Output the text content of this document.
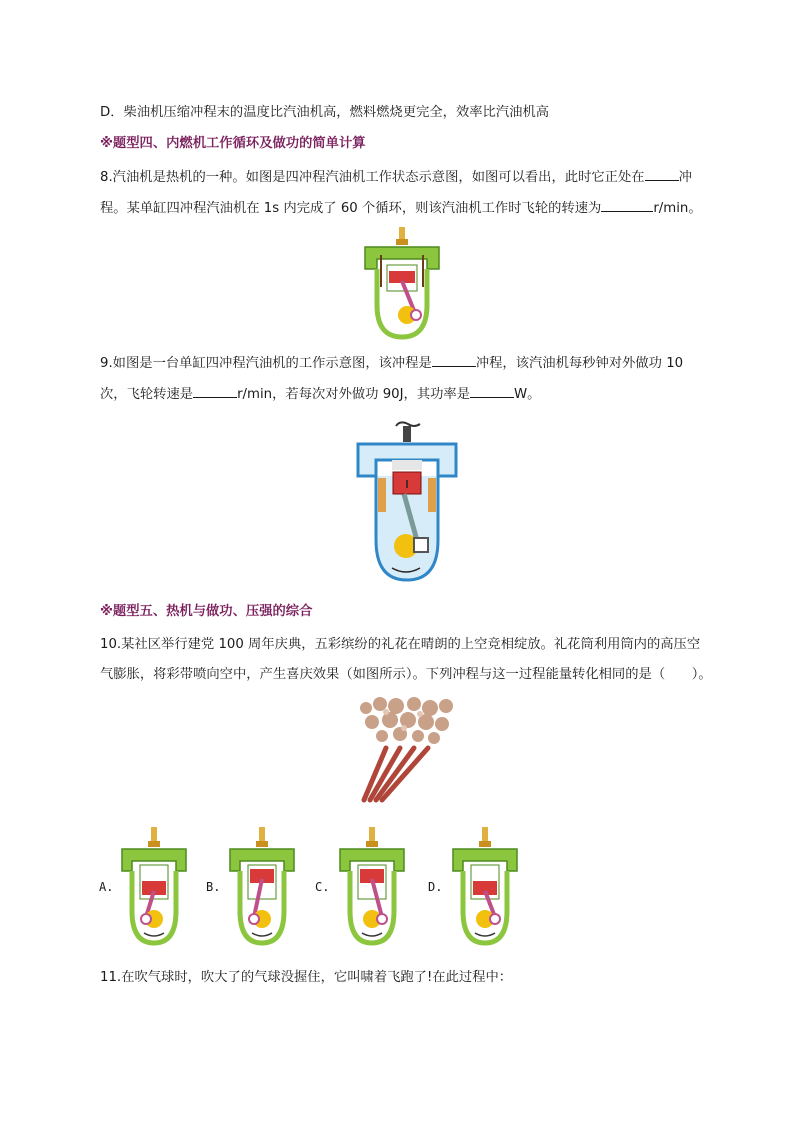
D．柴油机压缩冲程末的温度比汽油机高，燃料燃烧更完全，效率比汽油机高
※题型四、内燃机工作循环及做功的简单计算
8.汽油机是热机的一种。如图是四冲程汽油机工作状态示意图，如图可以看出，此时它正处在	冲
程。某单缸四冲程汽油机在 1s 内完成了 60 个循环，则该汽油机工作时飞轮的转速为	r/min。
9.如图是一台单缸四冲程汽油机的工作示意图，该冲程是	冲程，该汽油机每秒钟对外做功 10
次，飞轮转速是	r/min，若每次对外做功 90J，其功率是	W。
※题型五、热机与做功、压强的综合
10.某社区举行建党 100 周年庆典，五彩缤纷的礼花在晴朗的上空竞相绽放。礼花筒利用筒内的高压空
气膨胀，将彩带喷向空中，产生喜庆效果（如图所示）。下列冲程与这一过程能量转化相同的是（　　）。
A.	B.	C.	D.
11.在吹气球时，吹大了的气球没握住，它叫啸着飞跑了!在此过程中：
